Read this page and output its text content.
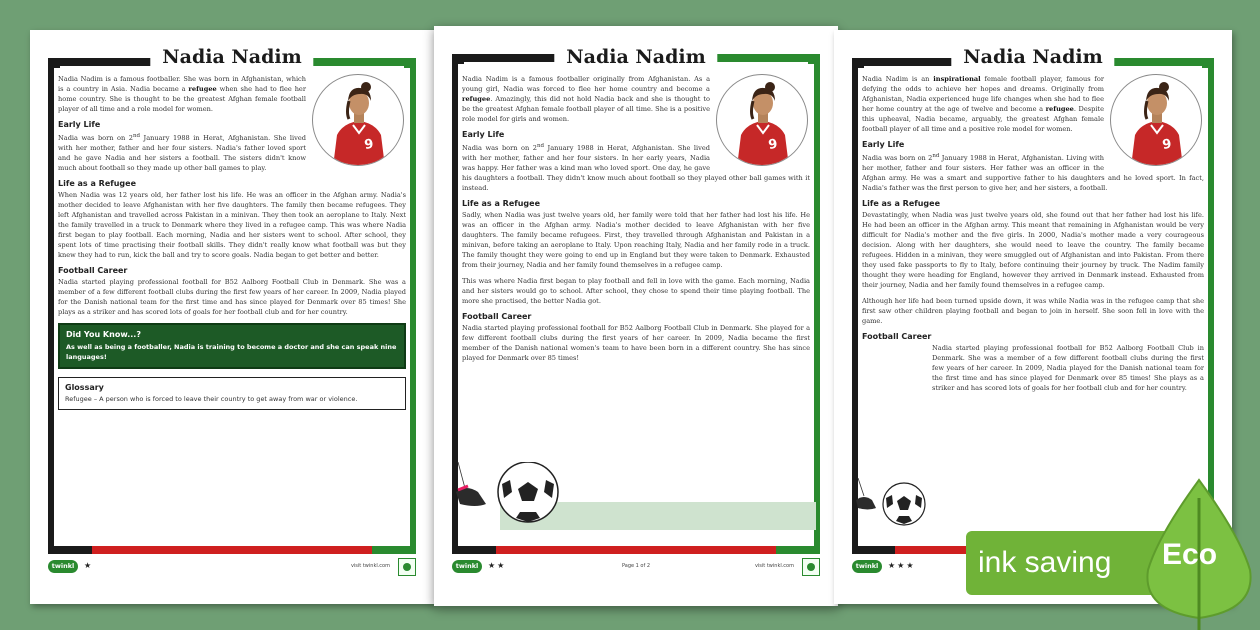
Nadia Nadim
9
Nadia Nadim is a famous footballer. She was born in Afghanistan, which is a country in Asia. Nadia became a refugee when she had to flee her home country. She is thought to be the greatest Afghan female football player of all time and a role model for women.
Early Life
Nadia was born on 2nd January 1988 in Herat, Afghanistan. She lived with her mother, father and her four sisters. Nadia's father loved sport and he gave Nadia and her sisters a football. The sisters didn't know much about football so they made up other ball games to play.
Life as a Refugee
When Nadia was 12 years old, her father lost his life. He was an officer in the Afghan army. Nadia's mother decided to leave Afghanistan with her five daughters. The family then became refugees. They left Afghanistan and travelled across Pakistan in a minivan. They then took an aeroplane to Italy. Next the family travelled in a truck to Denmark where they lived in a refugee camp. This was where Nadia first began to play football. Each morning, Nadia and her sisters went to school. After school, they spent lots of time practising their football skills. They didn't really know what football was but they knew they had to run, kick the ball and try to score goals. Nadia began to get better and better.
Football Career
Nadia started playing professional football for B52 Aalborg Football Club in Denmark. She was a member of a few different football clubs during the first few years of her career. In 2009, Nadia played for the Danish national team for the first time and has since played for Denmark over 85 times! She plays as a striker and has scored lots of goals for her football club and for her country.
Did You Know...?
As well as being a footballer, Nadia is training to become a doctor and she can speak nine languages!
Glossary
Refugee – A person who is forced to leave their country to get away from war or violence.
twinkl	★	visit twinkl.com
Nadia Nadim
9
Nadia Nadim is a famous footballer originally from Afghanistan. As a young girl, Nadia was forced to flee her home country and become a refugee. Amazingly, this did not hold Nadia back and she is thought to be the greatest Afghan female football player of all time. She is a positive role model for girls and women.
Early Life
Nadia was born on 2nd January 1988 in Herat, Afghanistan. She lived with her mother, father and her four sisters. In her early years, Nadia was happy. Her father was a kind man who loved sport. One day, he gave his daughters a football. They didn't know much about football so they played other ball games with it instead.
Life as a Refugee
Sadly, when Nadia was just twelve years old, her family were told that her father had lost his life. He was an officer in the Afghan army. Nadia's mother decided to leave Afghanistan with her five daughters. The family became refugees. First, they travelled through Afghanistan and Pakistan in a minivan, before taking an aeroplane to Italy. Upon reaching Italy, Nadia and her family rode in a truck. The family thought they were going to end up in England but they were taken to Denmark. Exhausted from their journey, Nadia and her family found themselves in a refugee camp.
This was where Nadia first began to play football and fell in love with the game. Each morning, Nadia and her sisters would go to school. After school, they chose to spend their time playing football. The more she practised, the better Nadia got.
Football Career
Nadia started playing professional football for B52 Aalborg Football Club in Denmark. She played for a few different football clubs during the first years of her career. In 2009, Nadia became the first member of the Danish national women's team to have been born in a different country. She has since played for Denmark over 85 times!
twinkl	★★	Page 1 of 2	visit twinkl.com
Nadia Nadim
9
Nadia Nadim is an inspirational female football player, famous for defying the odds to achieve her hopes and dreams. Originally from Afghanistan, Nadia experienced huge life changes when she had to flee her home country at the age of twelve and become a refugee. Despite this upheaval, Nadia became, arguably, the greatest Afghan female football player of all time and a positive role model for women.
Early Life
Nadia was born on 2nd January 1988 in Herat, Afghanistan. Living with her mother, father and four sisters. Her father was an officer in the Afghan army. He was a smart and supportive father to his daughters and he loved sport. In fact, Nadia's father was the first person to give her, and her sisters, a football.
Life as a Refugee
Devastatingly, when Nadia was just twelve years old, she found out that her father had lost his life. He had been an officer in the Afghan army. This meant that remaining in Afghanistan would be very difficult for Nadia's mother and the five girls. In 2000, Nadia's mother made a very courageous decision. Along with her daughters, she would need to leave the country. The family became refugees. Hidden in a minivan, they were smuggled out of Afghanistan and into Pakistan. From there they used fake passports to fly to Italy, before continuing their journey by truck. The Nadim family thought they were heading for England, however they arrived in Denmark instead. Exhausted from their journey, Nadia and her family found themselves in a refugee camp.
Although her life had been turned upside down, it was while Nadia was in the refugee camp that she first saw other children playing football and began to join in herself. She soon fell in love with the game.
Football Career
Nadia started playing professional football for B52 Aalborg Football Club in Denmark. She was a member of a few different football clubs during the first few years of her career. In 2009, Nadia played for the Danish national team for the first time and has since played for Denmark over 85 times! She plays as a striker and has scored lots of goals for her football club and for her country.
twinkl	★★★ ink saving Eco
